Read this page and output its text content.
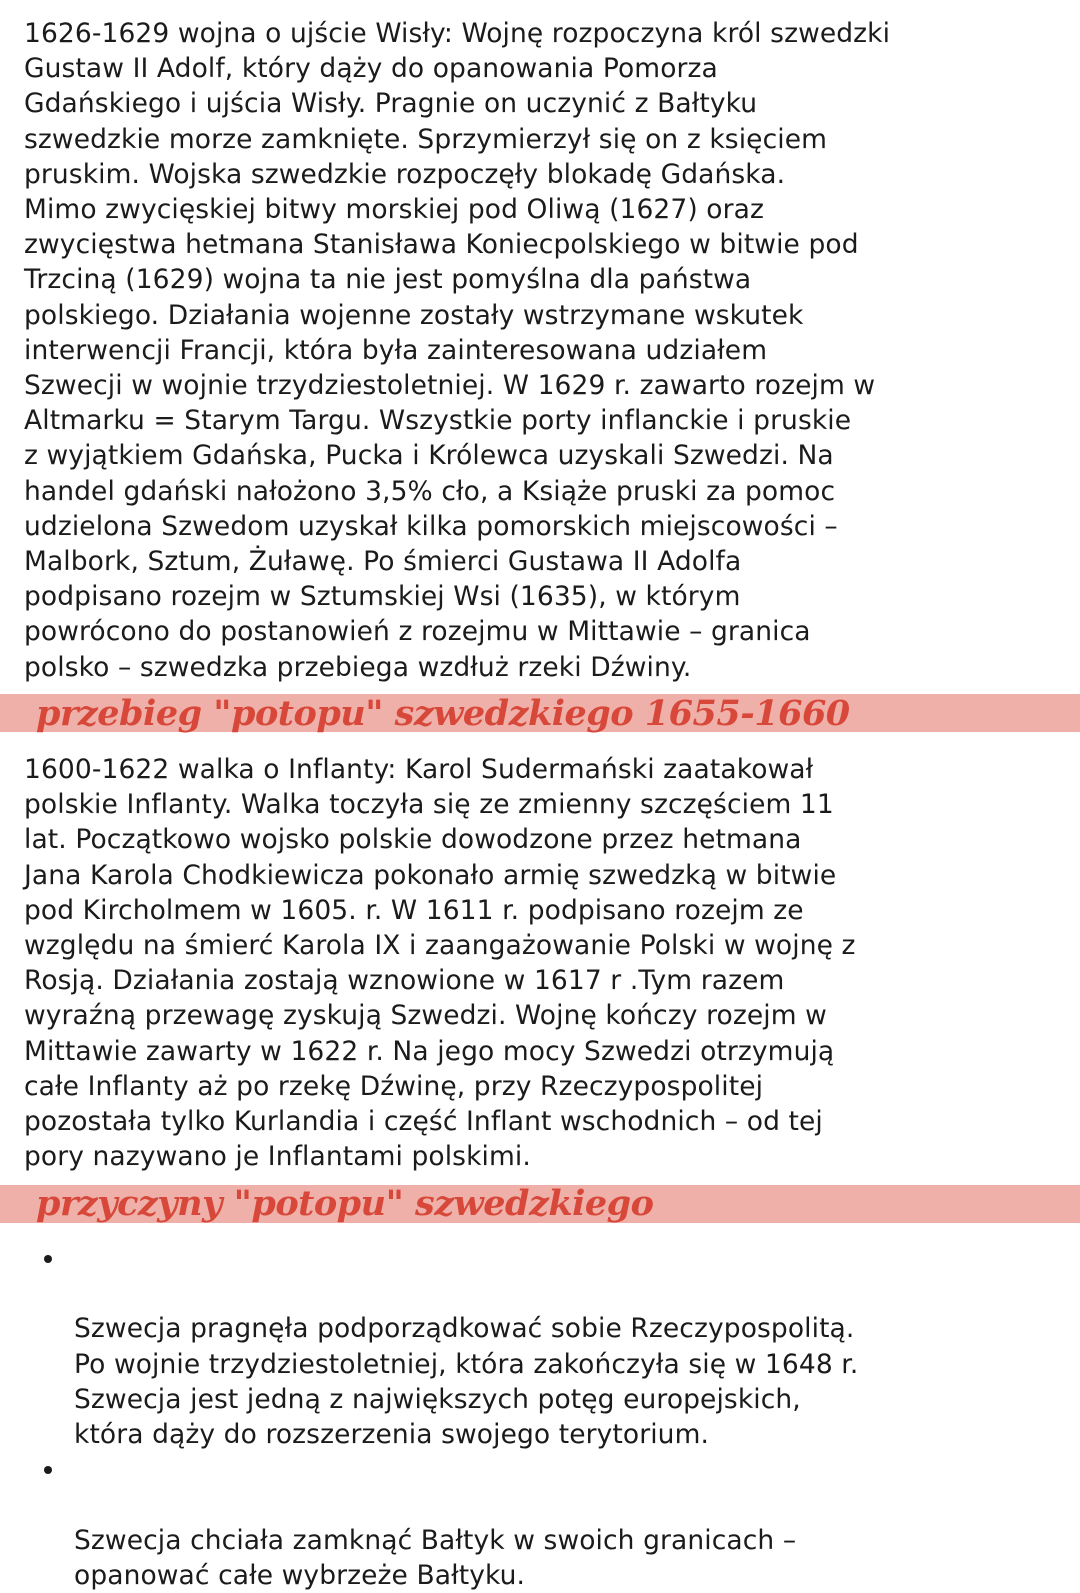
1626-1629 wojna o ujście Wisły: Wojnę rozpoczyna król szwedzki
Gustaw II Adolf, który dąży do opanowania Pomorza
Gdańskiego i ujścia Wisły. Pragnie on uczynić z Bałtyku
szwedzkie morze zamknięte. Sprzymierzył się on z księciem
pruskim. Wojska szwedzkie rozpoczęły blokadę Gdańska.
Mimo zwycięskiej bitwy morskiej pod Oliwą (1627) oraz
zwycięstwa hetmana Stanisława Koniecpolskiego w bitwie pod
Trzciną (1629) wojna ta nie jest pomyślna dla państwa
polskiego. Działania wojenne zostały wstrzymane wskutek
interwencji Francji, która była zainteresowana udziałem
Szwecji w wojnie trzydziestoletniej. W 1629 r. zawarto rozejm w
Altmarku = Starym Targu. Wszystkie porty inflanckie i pruskie
z wyjątkiem Gdańska, Pucka i Królewca uzyskali Szwedzi. Na
handel gdański nałożono 3,5% cło, a Książe pruski za pomoc
udzielona Szwedom uzyskał kilka pomorskich miejscowości –
Malbork, Sztum, Żuławę. Po śmierci Gustawa II Adolfa
podpisano rozejm w Sztumskiej Wsi (1635), w którym
powrócono do postanowień z rozejmu w Mittawie – granica
polsko – szwedzka przebiega wzdłuż rzeki Dźwiny.

przebieg "potopu" szwedzkiego 1655-1660

1600-1622 walka o Inflanty: Karol Sudermański zaatakował
polskie Inflanty. Walka toczyła się ze zmienny szczęściem 11
lat. Początkowo wojsko polskie dowodzone przez hetmana
Jana Karola Chodkiewicza pokonało armię szwedzką w bitwie
pod Kircholmem w 1605. r. W 1611 r. podpisano rozejm ze
względu na śmierć Karola IX i zaangażowanie Polski w wojnę z
Rosją. Działania zostają wznowione w 1617 r .Tym razem
wyraźną przewagę zyskują Szwedzi. Wojnę kończy rozejm w
Mittawie zawarty w 1622 r. Na jego mocy Szwedzi otrzymują
całe Inflanty aż po rzekę Dźwinę, przy Rzeczypospolitej
pozostała tylko Kurlandia i część Inflant wschodnich – od tej
pory nazywano je Inflantami polskimi.

przyczyny "potopu" szwedzkiego

Szwecja pragnęła podporządkować sobie Rzeczypospolitą.
Po wojnie trzydziestoletniej, która zakończyła się w 1648 r.
Szwecja jest jedną z największych potęg europejskich,
która dąży do rozszerzenia swojego terytorium.

Szwecja chciała zamknąć Bałtyk w swoich granicach –
opanować całe wybrzeże Bałtyku.
